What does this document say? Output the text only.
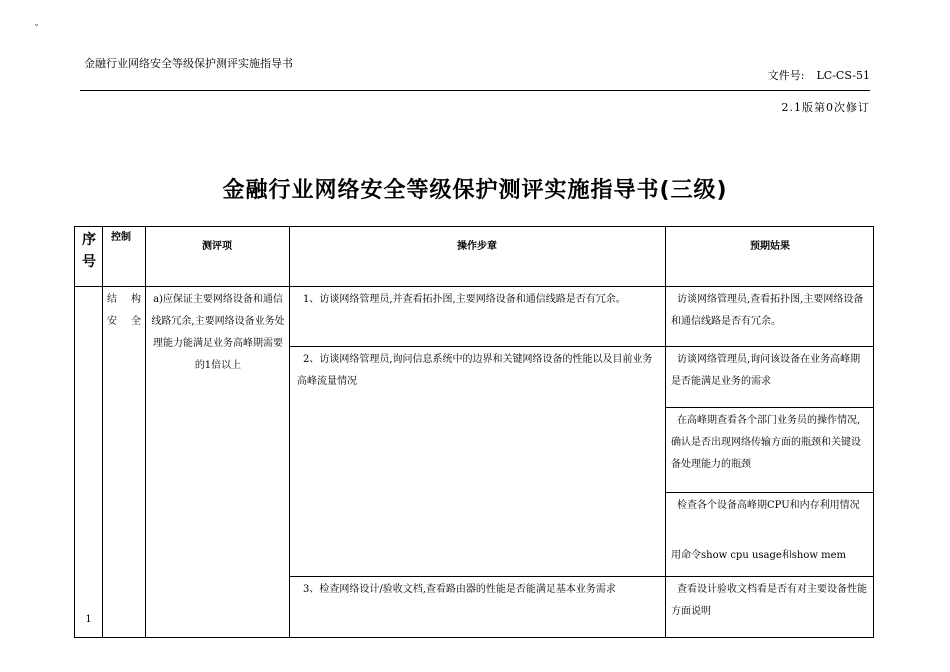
˘
金融行业网络安全等级保护测评实施指导书
文件号: LC-CS-51
2.1版第0次修订
金融行业网络安全等级保护测评实施指导书(三级)
序号
控制
测评项	操作步章	预期姑果
1
结 构 安全
a)应保证主要网络设备和通信线路冗余,主要网络设备业务处理能力能满足业务高峰期需要的1倍以上
1、访谈网络管理员,并查看拓扑图,主要网络设备和通信线路是否有冗余。
2、访谈网络管理员,询问信息系统中的边界和关键网络设备的性能以及目前业务高峰流量情况
3、检查网络设计/验收文档,查看路由器的性能是否能满足基本业务需求
访谈网络管理员,查看拓扑图,主要网络设备和通信线路是否有冗余。
访谈网络管理员,询问该设备在业务高峰期是否能满足业务的需求
在高峰期查看各个部门业务员的操作情况,确认是否出现网络传输方面的瓶颈和关键设备处理能力的瓶颈
检查各个设备高峰期CPU和内存利用情况
用命令show cpu usage和show mem
查看设计验收文档看是否有对主要设备性能方面说明
